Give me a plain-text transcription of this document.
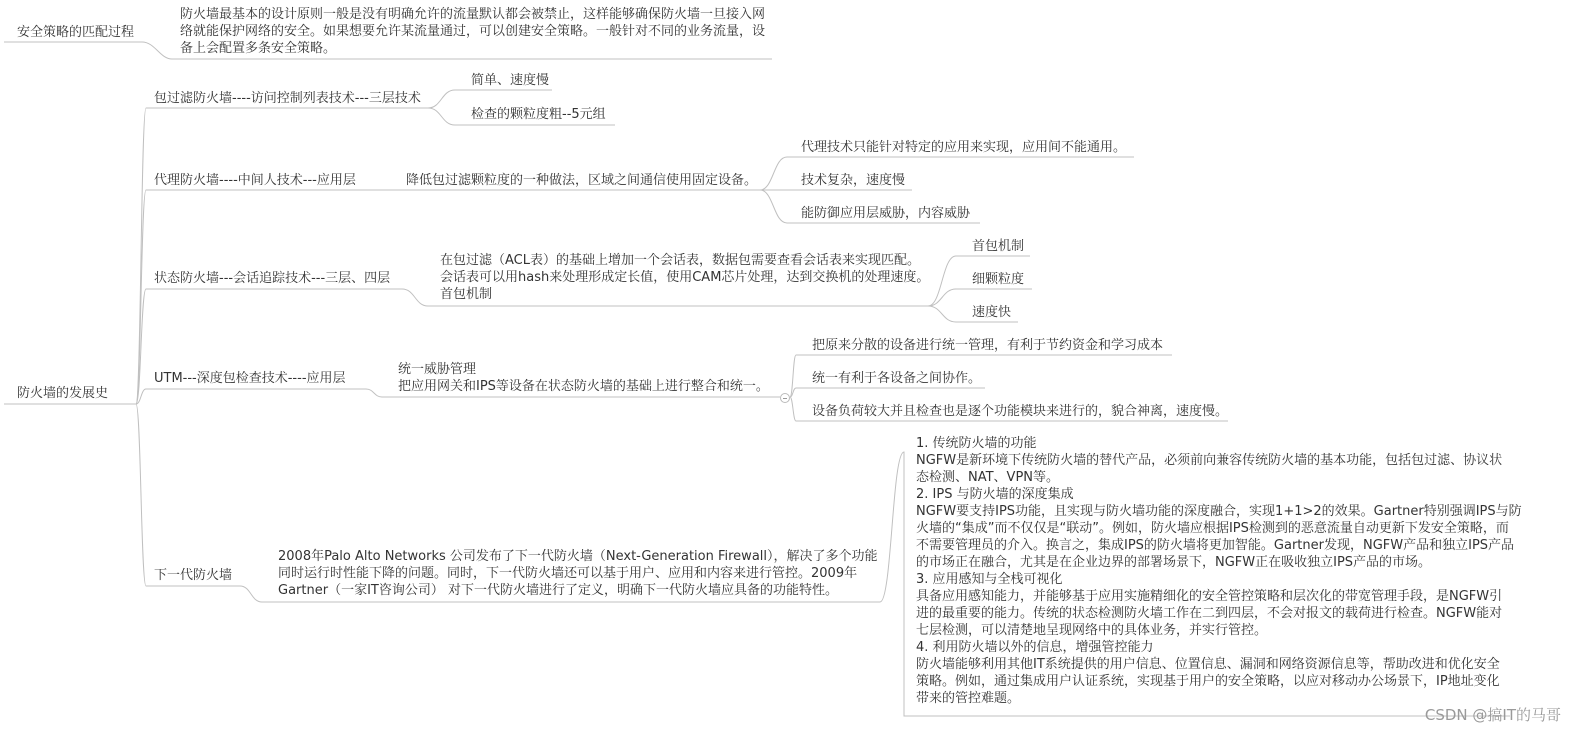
安全策略的匹配过程
防火墙最基本的设计原则一般是没有明确允许的流量默认都会被禁止，这样能够确保防火墙一旦接入网
络就能保护网络的安全。如果想要允许某流量通过，可以创建安全策略。一般针对不同的业务流量，设
备上会配置多条安全策略。
防火墙的发展史
包过滤防火墙----访问控制列表技术---三层技术
简单、速度慢
检查的颗粒度粗--5元组
代理防火墙----中间人技术---应用层	降低包过滤颗粒度的一种做法，区域之间通信使用固定设备。
代理技术只能针对特定的应用来实现，应用间不能通用。
技术复杂，速度慢
能防御应用层威胁，内容威胁
状态防火墙---会话追踪技术---三层、四层
在包过滤（ACL表）的基础上增加一个会话表，数据包需要查看会话表来实现匹配。
会话表可以用hash来处理形成定长值，使用CAM芯片处理，达到交换机的处理速度。
首包机制
首包机制
细颗粒度
速度快
UTM---深度包检查技术----应用层
统一威胁管理
把应用网关和IPS等设备在状态防火墙的基础上进行整合和统一。
把原来分散的设备进行统一管理，有利于节约资金和学习成本
统一有利于各设备之间协作。
设备负荷较大并且检查也是逐个功能模块来进行的，貌合神离，速度慢。
下一代防火墙
2008年Palo Alto Networks 公司发布了下一代防火墙（Next-Generation Firewall），解决了多个功能
同时运行时性能下降的问题。同时，下一代防火墙还可以基于用户、应用和内容来进行管控。2009年
Gartner（一家IT咨询公司） 对下一代防火墙进行了定义，明确下一代防火墙应具备的功能特性。
1. 传统防火墙的功能
NGFW是新环境下传统防火墙的替代产品，必须前向兼容传统防火墙的基本功能，包括包过滤、协议状
态检测、NAT、VPN等。
2. IPS 与防火墙的深度集成
NGFW要支持IPS功能，且实现与防火墙功能的深度融合，实现1+1>2的效果。Gartner特别强调IPS与防
火墙的“集成”而不仅仅是“联动”。例如，防火墙应根据IPS检测到的恶意流量自动更新下发安全策略，而
不需要管理员的介入。换言之，集成IPS的防火墙将更加智能。Gartner发现，NGFW产品和独立IPS产品
的市场正在融合，尤其是在企业边界的部署场景下，NGFW正在吸收独立IPS产品的市场。
3. 应用感知与全栈可视化
具备应用感知能力，并能够基于应用实施精细化的安全管控策略和层次化的带宽管理手段，是NGFW引
进的最重要的能力。传统的状态检测防火墙工作在二到四层，不会对报文的载荷进行检查。NGFW能对
七层检测，可以清楚地呈现网络中的具体业务，并实行管控。
4. 利用防火墙以外的信息，增强管控能力
防火墙能够利用其他IT系统提供的用户信息、位置信息、漏洞和网络资源信息等，帮助改进和优化安全
策略。例如，通过集成用户认证系统，实现基于用户的安全策略，以应对移动办公场景下，IP地址变化
带来的管控难题。
CSDN @搞IT的马哥
